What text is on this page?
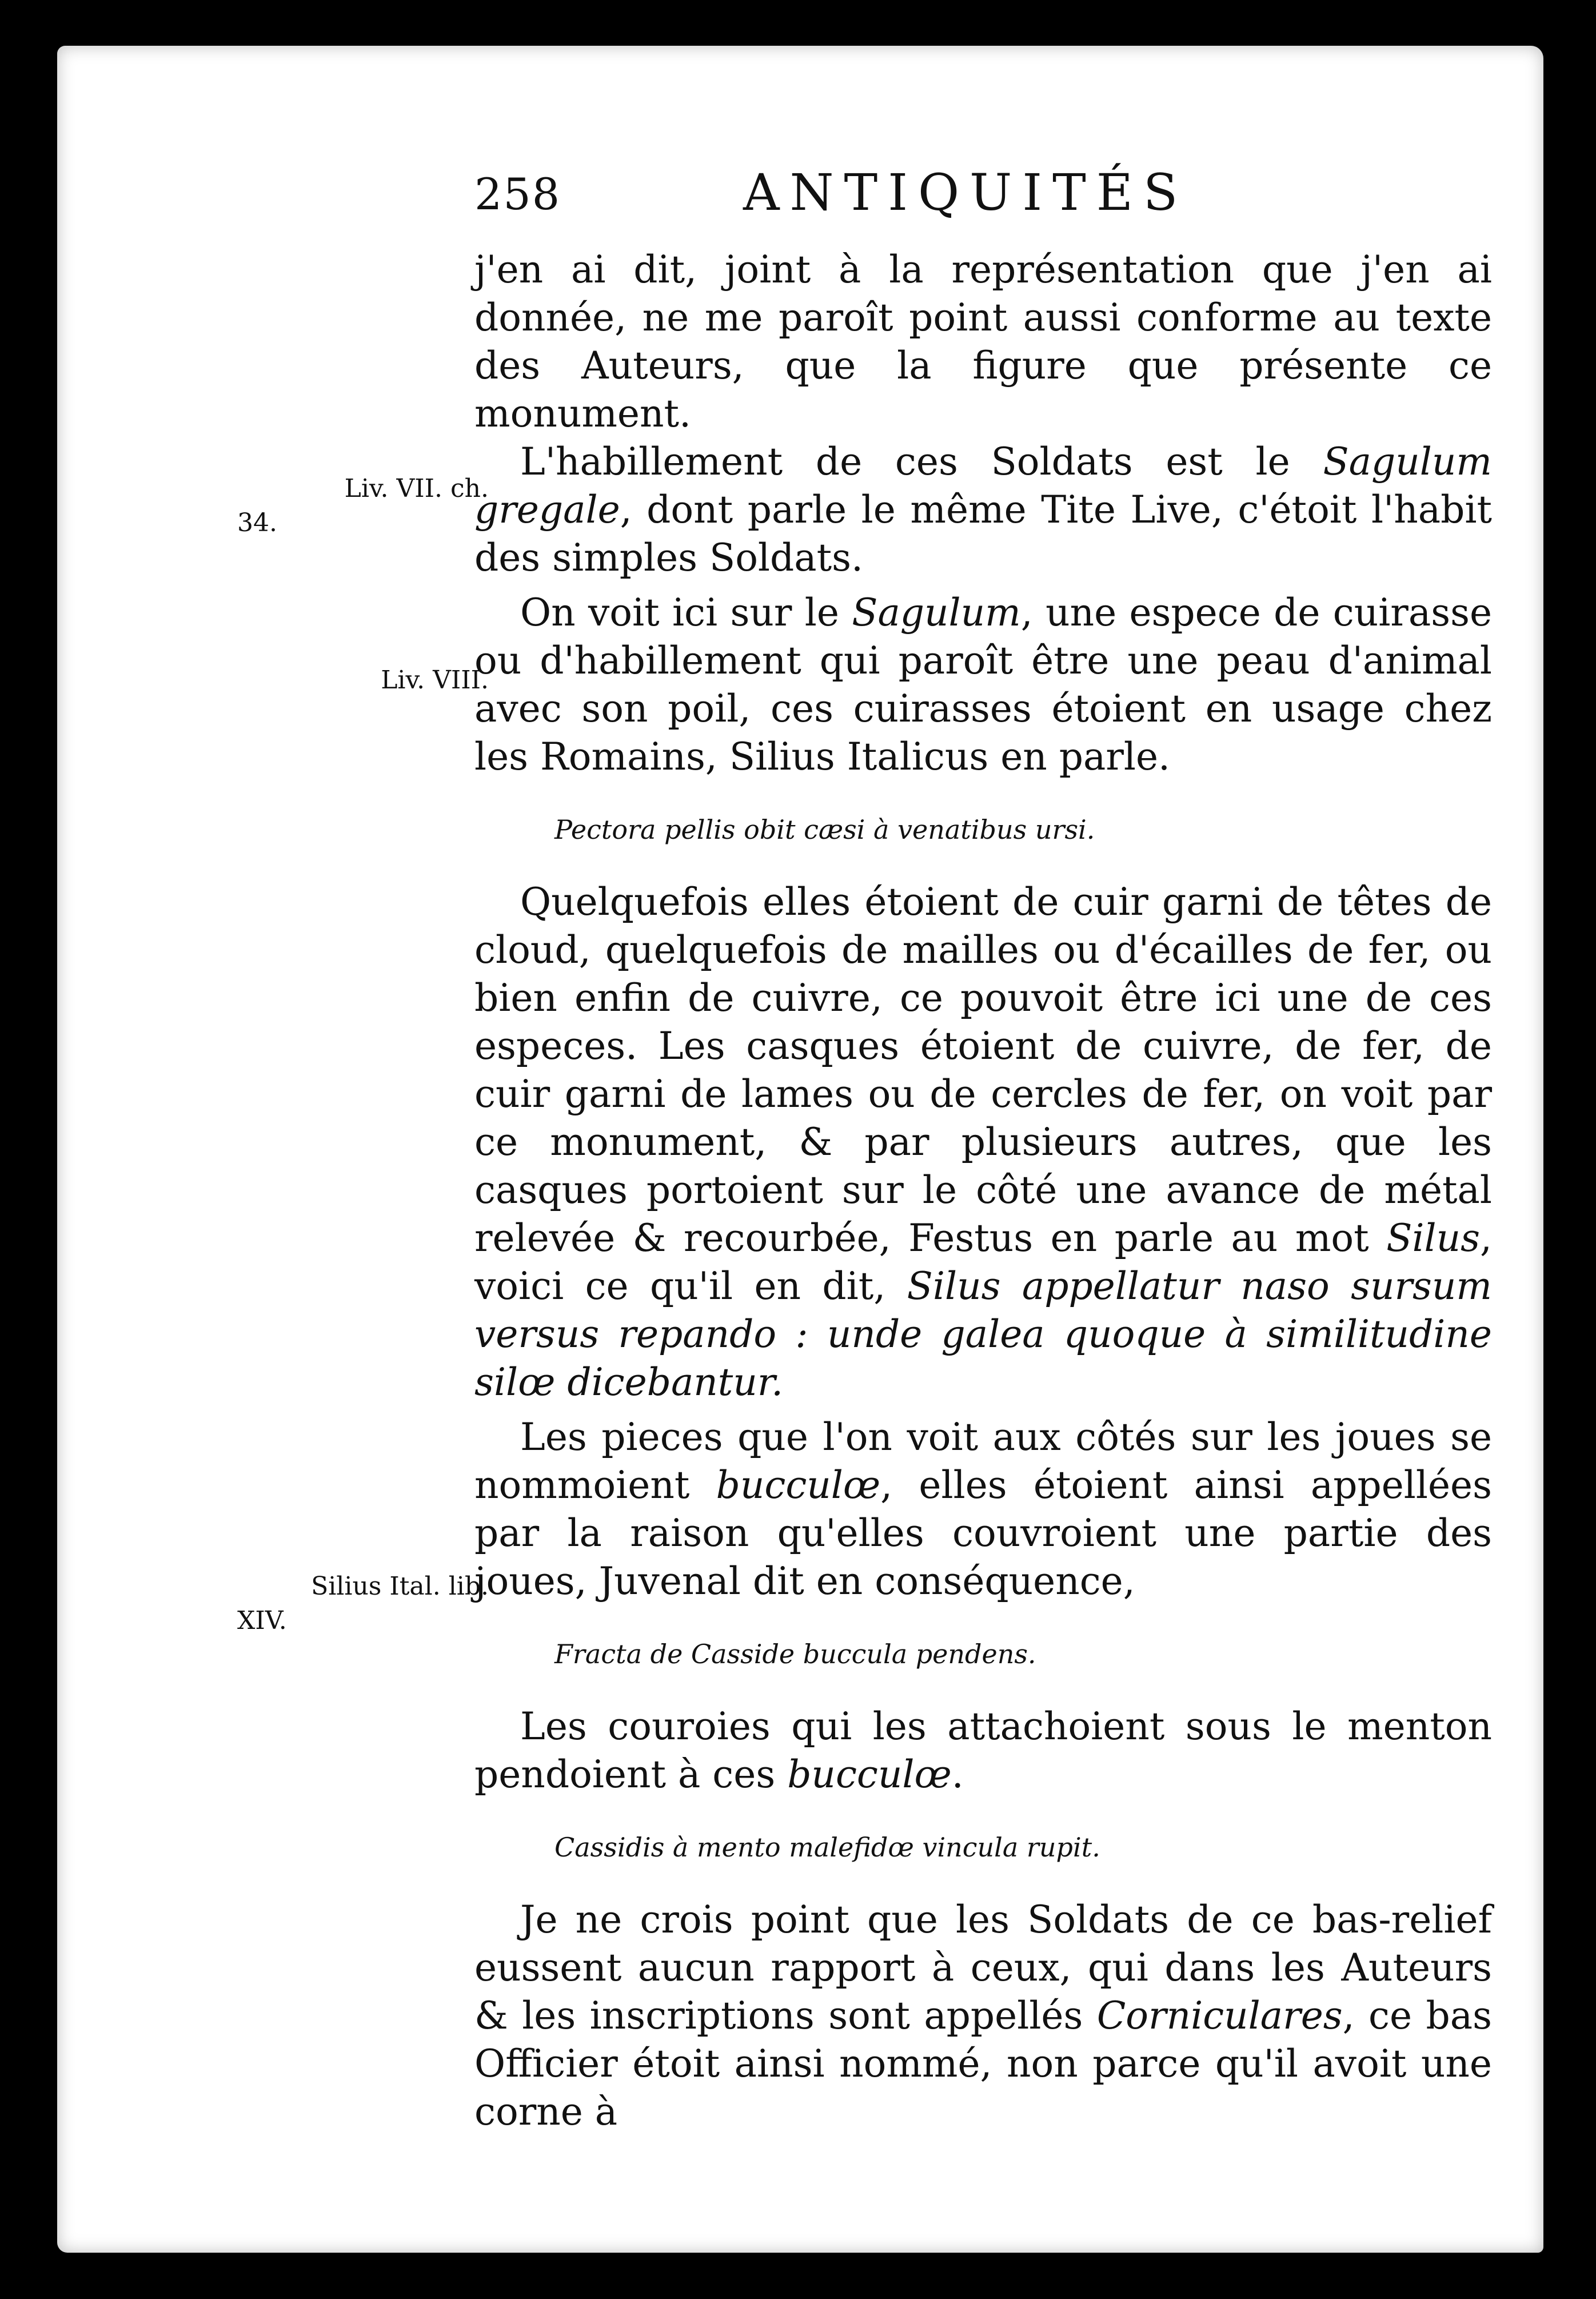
258	ANTIQUITÉS
Liv. VII. ch.
34.
Liv. VIII.
Silius Ital. lib.
XIV.

j'en ai dit, joint à la représentation que j'en ai donnée, ne me paroît point aussi conforme au texte des Auteurs, que la figure que présente ce monument.

L'habillement de ces Soldats est le Sagulum gregale, dont parle le même Tite Live, c'étoit l'habit des simples Soldats.

On voit ici sur le Sagulum, une espece de cuirasse ou d'habillement qui paroît être une peau d'animal avec son poil, ces cuirasses étoient en usage chez les Romains, Silius Italicus en parle.

Pectora pellis obit cæsi à venatibus ursi.

Quelquefois elles étoient de cuir garni de têtes de cloud, quelquefois de mailles ou d'écailles de fer, ou bien enfin de cuivre, ce pouvoit être ici une de ces especes. Les casques étoient de cuivre, de fer, de cuir garni de lames ou de cercles de fer, on voit par ce monument, & par plusieurs autres, que les casques portoient sur le côté une avance de métal relevée & recourbée, Festus en parle au mot Silus, voici ce qu'il en dit, Silus appellatur naso sursum versus repando : unde galea quoque à similitudine silœ dicebantur.

Les pieces que l'on voit aux côtés sur les joues se nommoient bucculœ, elles étoient ainsi appellées par la raison qu'elles couvroient une partie des joues, Juvenal dit en conséquence,

Fracta de Casside buccula pendens.

Les couroies qui les attachoient sous le menton pendoient à ces bucculœ.

Cassidis à mento malefidœ vincula rupit.

Je ne crois point que les Soldats de ce bas-relief eussent aucun rapport à ceux, qui dans les Auteurs & les inscriptions sont appellés Corniculares, ce bas Officier étoit ainsi nommé, non parce qu'il avoit une corne à
